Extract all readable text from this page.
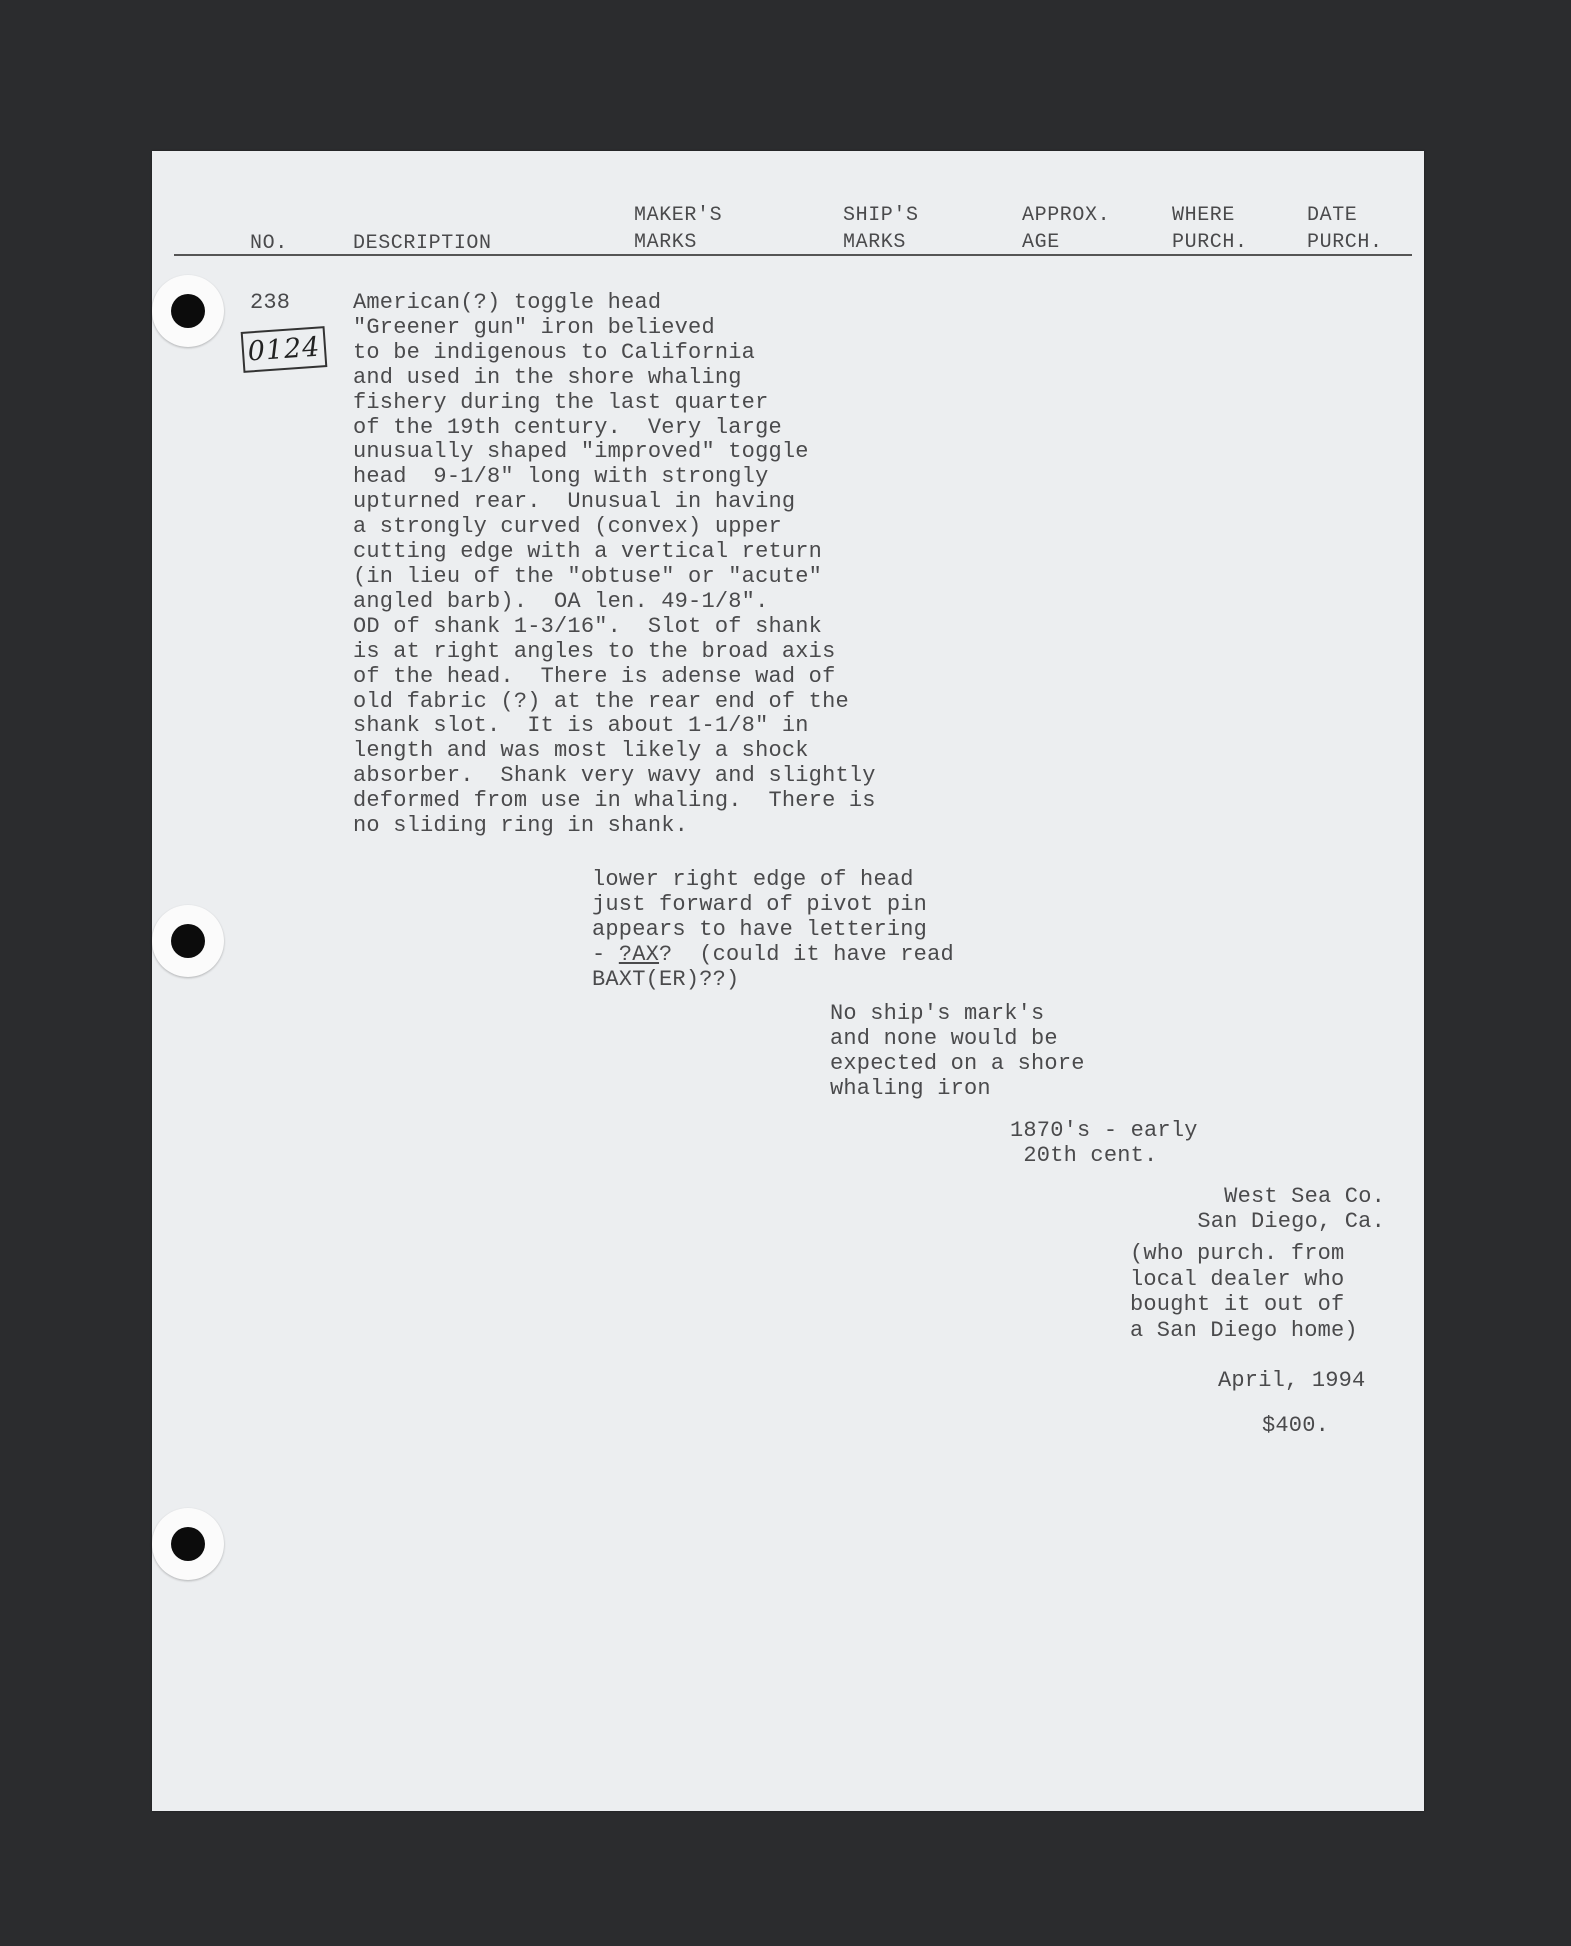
NO.	DESCRIPTION

MAKER'S
MARKS

SHIP'S
MARKS

APPROX.
AGE

WHERE
PURCH.

DATE
PURCH.

238

0124

American(?) toggle head
"Greener gun" iron believed
to be indigenous to California
and used in the shore whaling
fishery during the last quarter
of the 19th century.  Very large
unusually shaped "improved" toggle
head  9-1/8" long with strongly
upturned rear.  Unusual in having
a strongly curved (convex) upper
cutting edge with a vertical return
(in lieu of the "obtuse" or "acute"
angled barb).  OA len. 49-1/8".
OD of shank 1-3/16".  Slot of shank
is at right angles to the broad axis
of the head.  There is adense wad of
old fabric (?) at the rear end of the
shank slot.  It is about 1-1/8" in
length and was most likely a shock
absorber.  Shank very wavy and slightly
deformed from use in whaling.  There is
no sliding ring in shank.

lower right edge of head
just forward of pivot pin
appears to have lettering
- ?AX?  (could it have read
BAXT(ER)??)

No ship's mark's
and none would be
expected on a shore
whaling iron

1870's - early
20th cent.

West Sea Co.
San Diego, Ca.

(who purch. from
local dealer who
bought it out of
a San Diego home)

April, 1994

$400.
